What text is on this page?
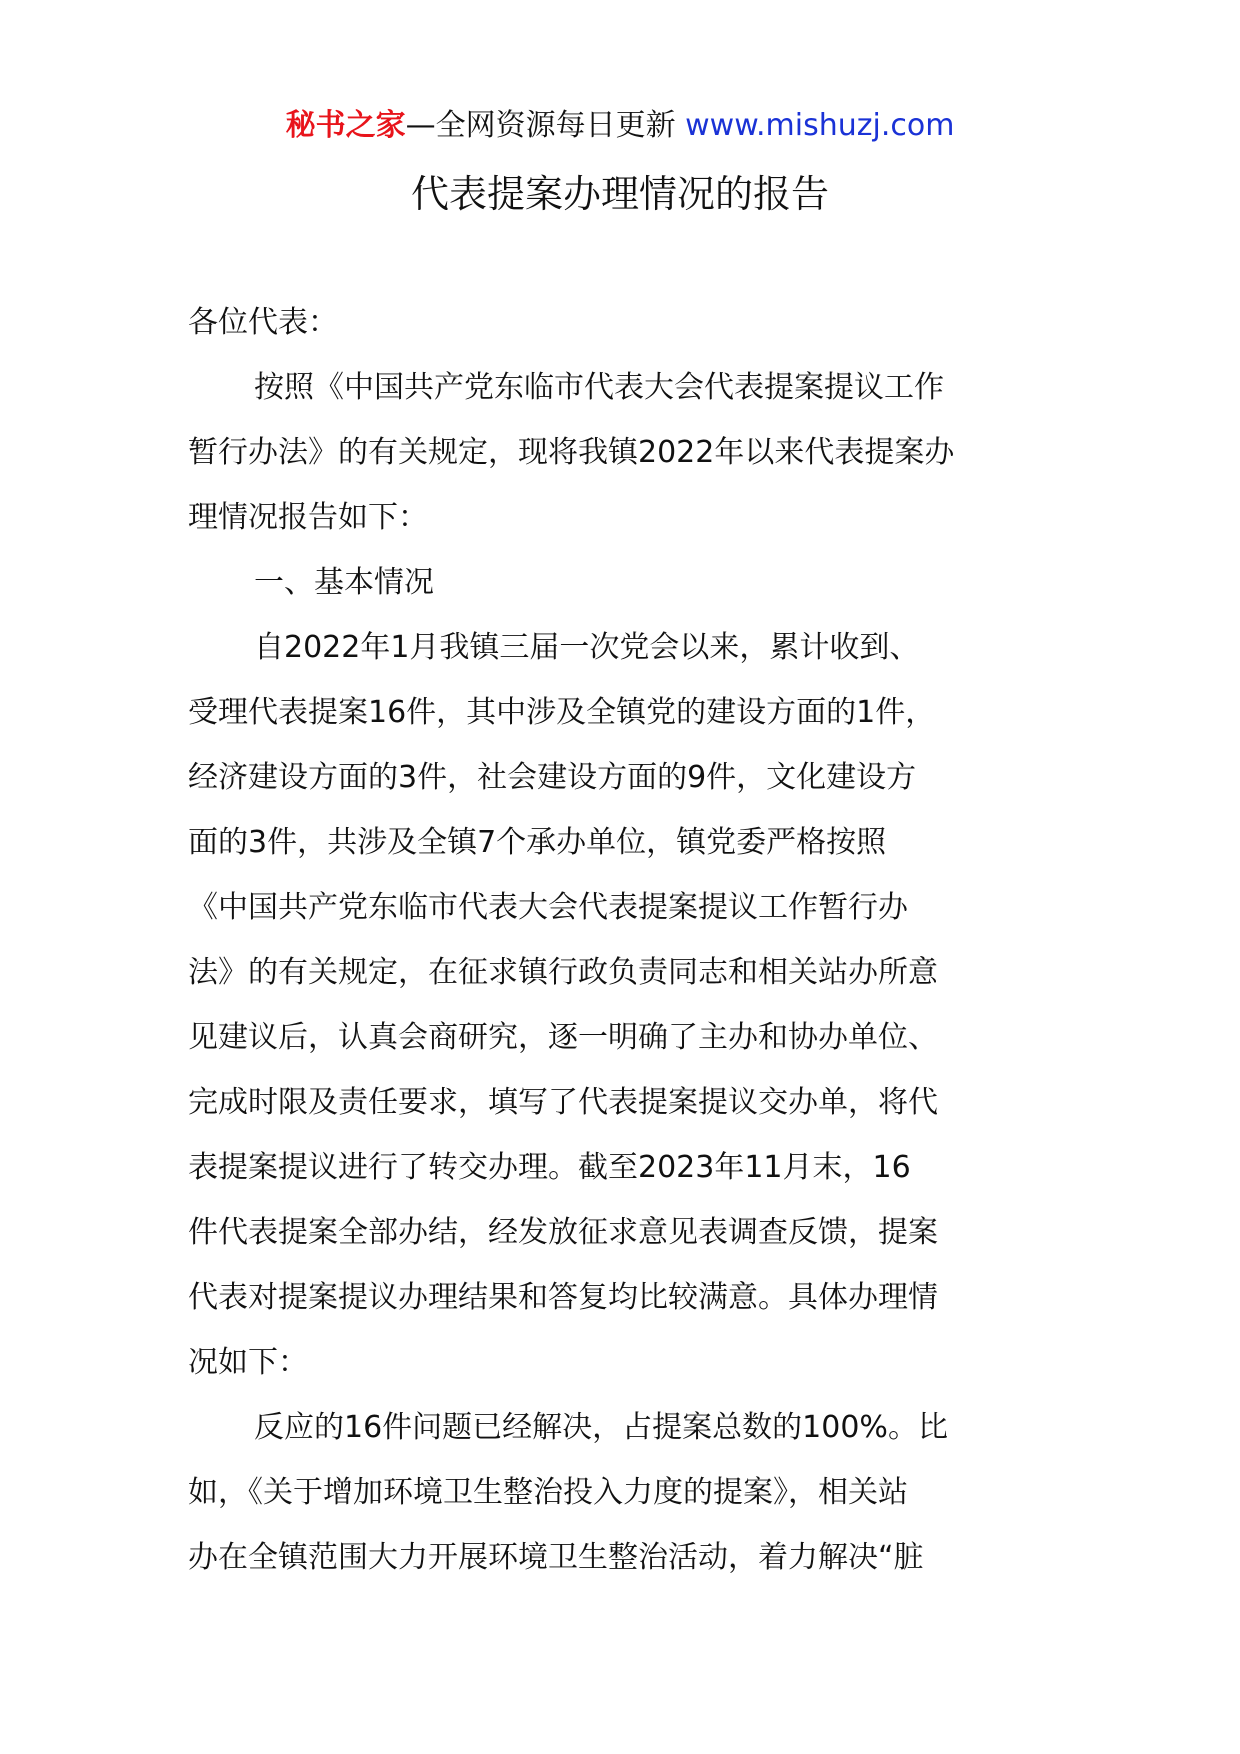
秘书之家—全网资源每日更新 www.mishuzj.com
代表提案办理情况的报告
各位代表：
按照《中国共产党东临市代表大会代表提案提议工作
暂行办法》的有关规定，现将我镇2022年以来代表提案办
理情况报告如下：
一、基本情况
自2022年1月我镇三届一次党会以来，累计收到、
受理代表提案16件，其中涉及全镇党的建设方面的1件，
经济建设方面的3件，社会建设方面的9件，文化建设方
面的3件，共涉及全镇7个承办单位，镇党委严格按照
《中国共产党东临市代表大会代表提案提议工作暂行办
法》的有关规定，在征求镇行政负责同志和相关站办所意
见建议后，认真会商研究，逐一明确了主办和协办单位、
完成时限及责任要求，填写了代表提案提议交办单，将代
表提案提议进行了转交办理。截至2023年11月末，16
件代表提案全部办结，经发放征求意见表调查反馈，提案
代表对提案提议办理结果和答复均比较满意。具体办理情
况如下：
反应的16件问题已经解决，占提案总数的100%。比
如，《关于增加环境卫生整治投入力度的提案》，相关站
办在全镇范围大力开展环境卫生整治活动，着力解决“脏
